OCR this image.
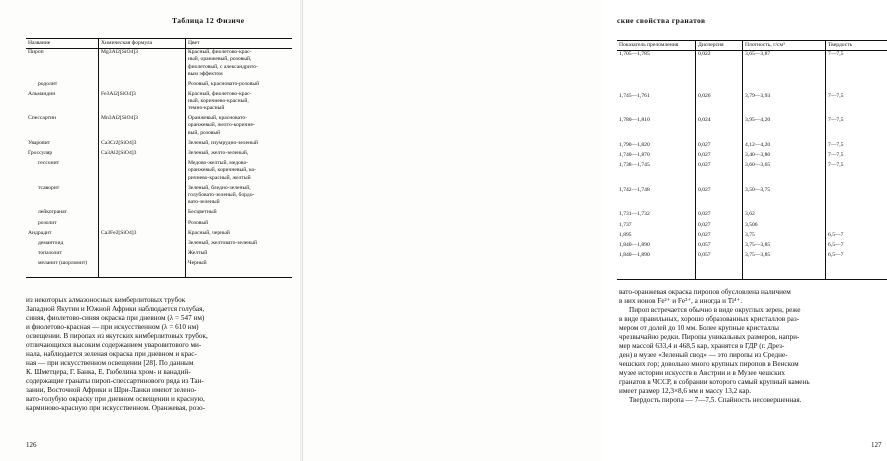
Таблица 12 Физиче
Название	Химическая формула	Цвет
Пироп	Mg3Al2[SiO4]3	Красный, фиолетово-крас-
ный, оранжевый, розовый,
фиолетовый, с александрито-
вым эффектом

родолит		Розовый, красновато-розовый

Альмандин	Fe3Al2[SiO4]3	Красный, фиолетово-крас-
ный, коричнево-красный,
темно-красный

Спессартин	Mn3Al2[SiO4]3	Оранжевый, красновато-
оранжевый, желто-коричне-
вый, розовый

Уваровит	Ca3Cr2[SiO4]3	Зеленый, изумрудно-зеленый

Гроссуляр	Ca3Al2[SiO4]3	Зеленый, желто-зеленый,

гессонит		Медово-желтый, медово-
оранжевый, коричневый, ко-
ричнево-красный, желтый

тсаворит		Зеленый, бледно-зеленый,
голубовато-зеленый, бордо-
вато-зеленый

лейкогранат		Бесцветный

розолит		Розовый

Андрадит	Ca3Fe2[SiO4]3	Красный, черный

демантоид		Зеленый, желтовато-зеленый

топазолит		Желтый

меланит (шорломит)		Черный
из некоторых алмазоносных кимберлитовых трубок
Западной Якутии и Южной Африки наблюдается голубая,
синяя, фиолетово-синяя окраска при дневном (λ = 547 нм)
и фиолетово-красная — при искусственном (λ = 610 нм)
освещении. В пиропах из якутских кимберлитовых трубок,
отличающихся высоким содержанием уваровитового ми-
нала, наблюдается зеленая окраска при дневном и крас-
ная — при искусственном освещении [28]. По данным
К. Шметцера, Г. Банка, Е. Гюбелина хром- и ванадий-
содержащие гранаты пироп-спессартинового ряда из Тан-
зании, Восточной Африки и Шри-Ланки имеют зелено-
вато-голубую окраску при дневном освещении и красную,
карминово-красную при искусственном. Оранжевая, розо-
126
ские свойства гранатов
Показатель преломления	Дисперсия	Плотность, г/см³	Твердость
1,705—1,785	0,022	3,65—3,87	7—7,5

1,745—1,761	0,026	3,79—3,93	7—7,5
1,780—1,810	0,024	3,95—4,20	7—7,5
1,790—1,820	0,027	4,12—4,20	7—7,5
1,740—1,870	0,027	3,40—3,80	7—7,5
1,738—1,745	0,027	3,60—3,65	7—7,5
1,742—1,748	0,027	3,50—3,75	
1,731—1,732	0,027	3,62	
1,737	0,027	3,506	
1,895	0,027	3,75	6,5—7
1,840—1,890	0,057	3,75—3,85	6,5—7
1,840—1,890	0,057	3,75—3,85	6,5—7

вато-оранжевая окраска пиропов обусловлена наличием
в них ионов Fe²⁺ и Fe³⁺, а иногда и Ti⁴⁺.
Пироп встречается обычно в виде округлых зерен, реже
в виде правильных, хорошо образованных кристаллов раз-
мером от долей до 10 мм. Более крупные кристаллы
чрезвычайно редки. Пиропы уникальных размеров, напри-
мер массой 633,4 и 468,5 кар, хранятся в ГДР (г. Дрез-
ден) в музее «Зеленый свод» — это пиропы из Средне-
чешских гор; довольно много крупных пиропов в Венском
музее истории искусств в Австрии и в Музее чешских
гранатов в ЧССР, в собрании которого самый крупный камень
имеет размер 12,3×8,6 мм и массу 13,2 кар.
Твердость пиропа — 7—7,5. Спайность несовершенная.
127
